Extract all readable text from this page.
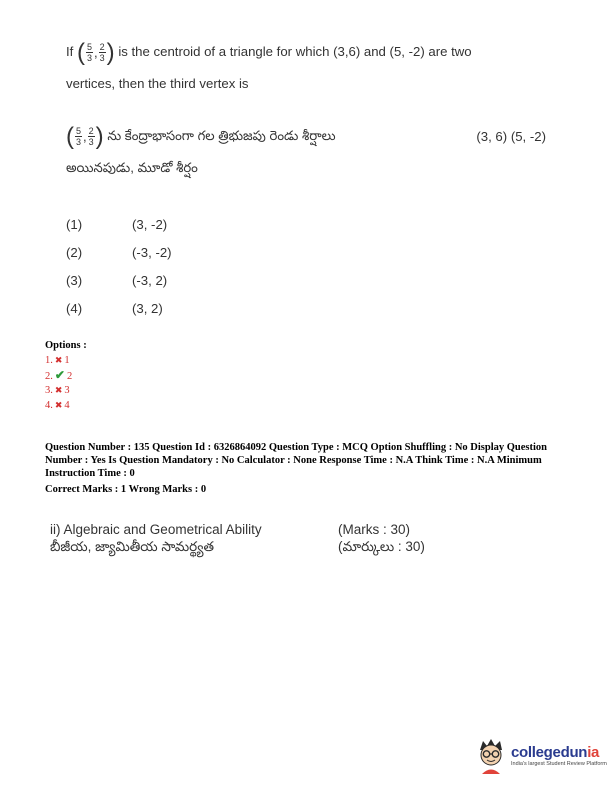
If ( $\frac{5}{3}$ , $\frac{2}{3}$ ) is the centroid of a triangle for which (3,6) and (5, -2) are two
vertices, then the third vertex is
( $\frac{5}{3}$ , $\frac{2}{3}$ ) ను కేంద్రాభాసంగా గల త్రిభుజపు రెండు శీర్షాలు	(3, 6) (5, -2)
అయినపుడు, మూడో శీర్షం
(1)	(3, -2)
(2)	(-3, -2)
(3)	(-3, 2)
(4)	(3, 2)
Options :
1. ✖ 1
2. ✔ 2
3. ✖ 3
4. ✖ 4
Question Number : 135 Question Id : 6326864092 Question Type : MCQ Option Shuffling : No Display Question
Number : Yes Is Question Mandatory : No Calculator : None Response Time : N.A Think Time : N.A Minimum
Instruction Time : 0
Correct Marks : 1 Wrong Marks : 0
ii) Algebraic and Geometrical Ability	(Marks : 30)
బీజీయ, జ్యామితీయ సామర్థ్యత	(మార్కులు : 30)
collegedunia
India's largest Student Review Platform
